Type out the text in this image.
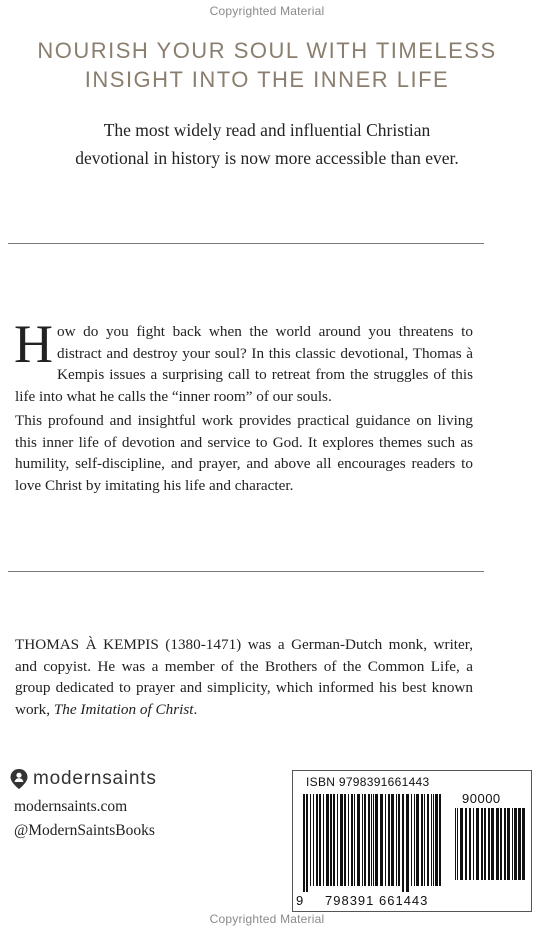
Copyrighted Material
NOURISH YOUR SOUL WITH TIMELESS
INSIGHT INTO THE INNER LIFE
The most widely read and influential Christian
devotional in history is now more accessible than ever.
How do you fight back when the world around you threatens to distract and destroy your soul? In this classic devotional, Thomas à Kempis issues a surprising call to retreat from the struggles of this life into what he calls the “inner room” of our souls.
This profound and insightful work provides practical guidance on living this inner life of devotion and service to God. It explores themes such as humility, self-discipline, and prayer, and above all encourages readers to love Christ by imitating his life and character.
THOMAS À KEMPIS (1380-1471) was a German-Dutch monk, writer, and copyist. He was a member of the Brothers of the Common Life, a group dedicated to prayer and simplicity, which informed his best known work, The Imitation of Christ.
modernsaints
modernsaints.com
@ModernSaintsBooks
ISBN 9798391661443
90000
9 798391 661443
Copyrighted Material
